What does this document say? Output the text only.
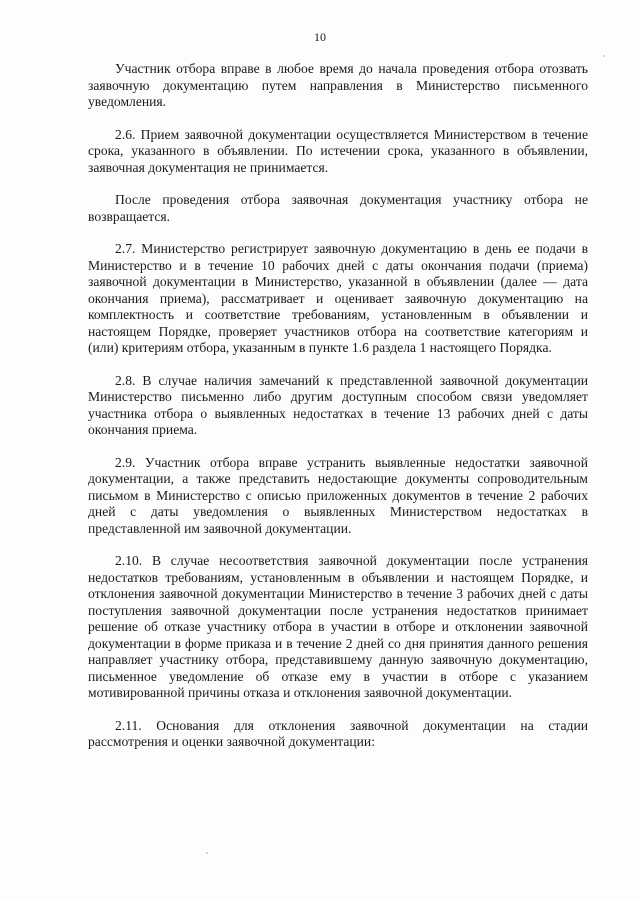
10

Участник отбора вправе в любое время до начала проведения отбора отозвать заявочную документацию путем направления в Министерство письменного уведомления.

2.6. Прием заявочной документации осуществляется Министерством в течение срока, указанного в объявлении. По истечении срока, указанного в объявлении, заявочная документация не принимается.

После проведения отбора заявочная документация участнику отбора не возвращается.

2.7. Министерство регистрирует заявочную документацию в день ее подачи в Министерство и в течение 10 рабочих дней с даты окончания подачи (приема) заявочной документации в Министерство, указанной в объявлении (далее — дата окончания приема), рассматривает и оценивает заявочную документацию на комплектность и соответствие требованиям, установленным в объявлении и настоящем Порядке, проверяет участников отбора на соответствие категориям и (или) критериям отбора, указанным в пункте 1.6 раздела 1 настоящего Порядка.

2.8. В случае наличия замечаний к представленной заявочной документации Министерство письменно либо другим доступным способом связи уведомляет участника отбора о выявленных недостатках в течение 13 рабочих дней с даты окончания приема.

2.9. Участник отбора вправе устранить выявленные недостатки заявочной документации, а также представить недостающие документы сопроводительным письмом в Министерство с описью приложенных документов в течение 2 рабочих дней с даты уведомления о выявленных Министерством недостатках в представленной им заявочной документации.

2.10. В случае несоответствия заявочной документации после устранения недостатков требованиям, установленным в объявлении и настоящем Порядке, и отклонения заявочной документации Министерство в течение 3 рабочих дней с даты поступления заявочной документации после устранения недостатков принимает решение об отказе участнику отбора в участии в отборе и отклонении заявочной документации в форме приказа и в течение 2 дней со дня принятия данного решения направляет участнику отбора, представившему данную заявочную документацию, письменное уведомление об отказе ему в участии в отборе с указанием мотивированной причины отказа и отклонения заявочной документации.

2.11. Основания для отклонения заявочной документации на стадии рассмотрения и оценки заявочной документации:
